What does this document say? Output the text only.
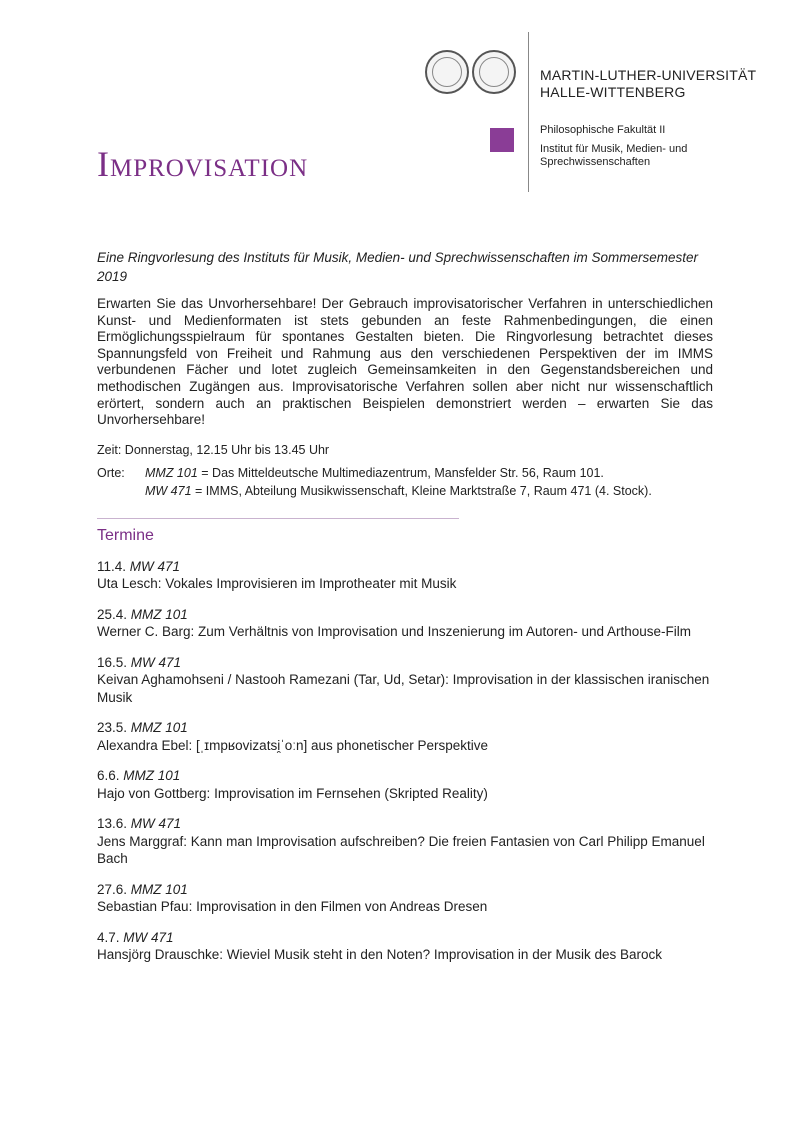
MARTIN-LUTHER-UNIVERSITÄT
HALLE-WITTENBERG
Philosophische Fakultät II
Institut für Musik, Medien- und Sprechwissenschaften
Improvisation

Eine Ringvorlesung des Instituts für Musik, Medien- und Sprechwissenschaften im Sommersemester 2019

Erwarten Sie das Unvorhersehbare! Der Gebrauch improvisatorischer Verfahren in unterschiedlichen Kunst- und Medienformaten ist stets gebunden an feste Rahmenbedingungen, die einen Ermöglichungsspielraum für spontanes Gestalten bieten. Die Ringvorlesung betrachtet dieses Spannungsfeld von Freiheit und Rahmung aus den verschiedenen Perspektiven der im IMMS verbundenen Fächer und lotet zugleich Gemeinsamkeiten in den Gegenstandsbereichen und methodischen Zugängen aus. Improvisatorische Verfahren sollen aber nicht nur wissenschaftlich erörtert, sondern auch an praktischen Beispielen demonstriert werden – erwarten Sie das Unvorhersehbare!

Zeit: Donnerstag, 12.15 Uhr bis 13.45 Uhr
Orte:	MMZ 101 = Das Mitteldeutsche Multimediazentrum, Mansfelder Str. 56, Raum 101.
MW 471 = IMMS, Abteilung Musikwissenschaft, Kleine Marktstraße 7, Raum 471 (4. Stock).
Termine
11.4. MW 471
Uta Lesch: Vokales Improvisieren im Improtheater mit Musik
25.4. MMZ 101
Werner C. Barg: Zum Verhältnis von Improvisation und Inszenierung im Autoren- und Arthouse-Film
16.5. MW 471
Keivan Aghamohseni / Nastooh Ramezani (Tar, Ud, Setar): Improvisation in der klassischen iranischen Musik
23.5. MMZ 101
Alexandra Ebel: [ˌɪmpʁovizatsi̯ˈoːn] aus phonetischer Perspektive
6.6. MMZ 101
Hajo von Gottberg: Improvisation im Fernsehen (Skripted Reality)
13.6. MW 471
Jens Marggraf: Kann man Improvisation aufschreiben? Die freien Fantasien von Carl Philipp Emanuel Bach
27.6. MMZ 101
Sebastian Pfau: Improvisation in den Filmen von Andreas Dresen
4.7. MW 471
Hansjörg Drauschke: Wieviel Musik steht in den Noten? Improvisation in der Musik des Barock
